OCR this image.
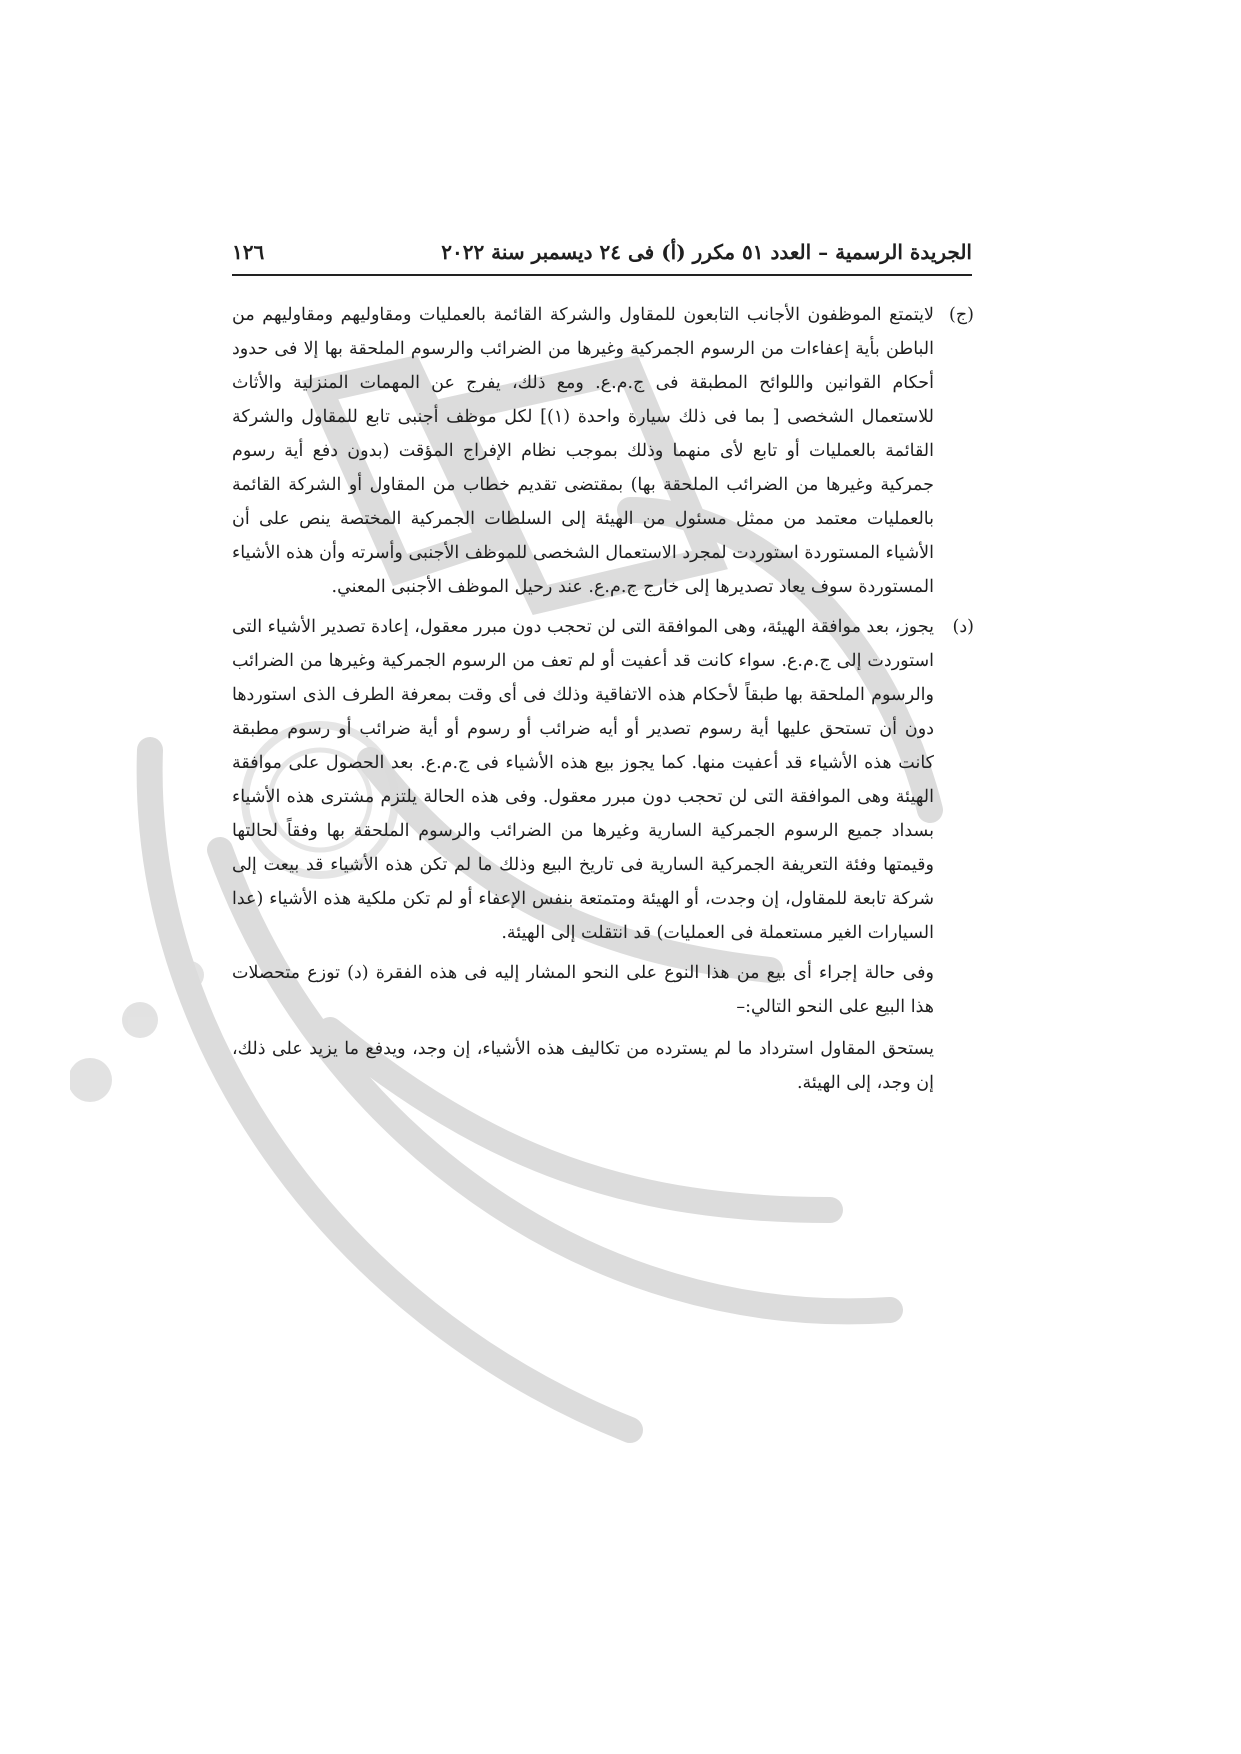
الجريدة الرسمية – العدد ٥١ مكرر (أ) فى ٢٤ ديسمبر سنة ٢٠٢٢
١٢٦
(ج)
لايتمتع الموظفون الأجانب التابعون للمقاول والشركة القائمة بالعمليات ومقاوليهم ومقاوليهم من الباطن بأية إعفاءات من الرسوم الجمركية وغيرها من الضرائب والرسوم الملحقة بها إلا فى حدود أحكام القوانين واللوائح المطبقة فى ج.م.ع. ومع ذلك، يفرج عن المهمات المنزلية والأثاث للاستعمال الشخصى [ بما فى ذلك سيارة واحدة (١)] لكل موظف أجنبى تابع للمقاول والشركة القائمة بالعمليات أو تابع لأى منهما وذلك بموجب نظام الإفراج المؤقت (بدون دفع أية رسوم جمركية وغيرها من الضرائب الملحقة بها) بمقتضى تقديم خطاب من المقاول أو الشركة القائمة بالعمليات معتمد من ممثل مسئول من الهيئة إلى السلطات الجمركية المختصة ينص على أن الأشياء المستوردة استوردت لمجرد الاستعمال الشخصى للموظف الأجنبى وأسرته وأن هذه الأشياء المستوردة سوف يعاد تصديرها إلى خارج ج.م.ع. عند رحيل الموظف الأجنبى المعني.
(د)
يجوز، بعد موافقة الهيئة، وهى الموافقة التى لن تحجب دون مبرر معقول، إعادة تصدير الأشياء التى استوردت إلى ج.م.ع. سواء كانت قد أعفيت أو لم تعف من الرسوم الجمركية وغيرها من الضرائب والرسوم الملحقة بها طبقاً لأحكام هذه الاتفاقية وذلك فى أى وقت بمعرفة الطرف الذى استوردها دون أن تستحق عليها أية رسوم تصدير أو أيه ضرائب أو رسوم أو أية ضرائب أو رسوم مطبقة كانت هذه الأشياء قد أعفيت منها. كما يجوز بيع هذه الأشياء فى ج.م.ع. بعد الحصول على موافقة الهيئة وهى الموافقة التى لن تحجب دون مبرر معقول. وفى هذه الحالة يلتزم مشترى هذه الأشياء بسداد جميع الرسوم الجمركية السارية وغيرها من الضرائب والرسوم الملحقة بها وفقاً لحالتها وقيمتها وفئة التعريفة الجمركية السارية فى تاريخ البيع وذلك ما لم تكن هذه الأشياء قد بيعت إلى شركة تابعة للمقاول، إن وجدت، أو الهيئة ومتمتعة بنفس الإعفاء أو لم تكن ملكية هذه الأشياء (عدا السيارات الغير مستعملة فى العمليات) قد انتقلت إلى الهيئة.
وفى حالة إجراء أى بيع من هذا النوع على النحو المشار إليه فى هذه الفقرة (د) توزع متحصلات هذا البيع على النحو التالي:–
يستحق المقاول استرداد ما لم يسترده من تكاليف هذه الأشياء، إن وجد، ويدفع ما يزيد على ذلك، إن وجد، إلى الهيئة.
